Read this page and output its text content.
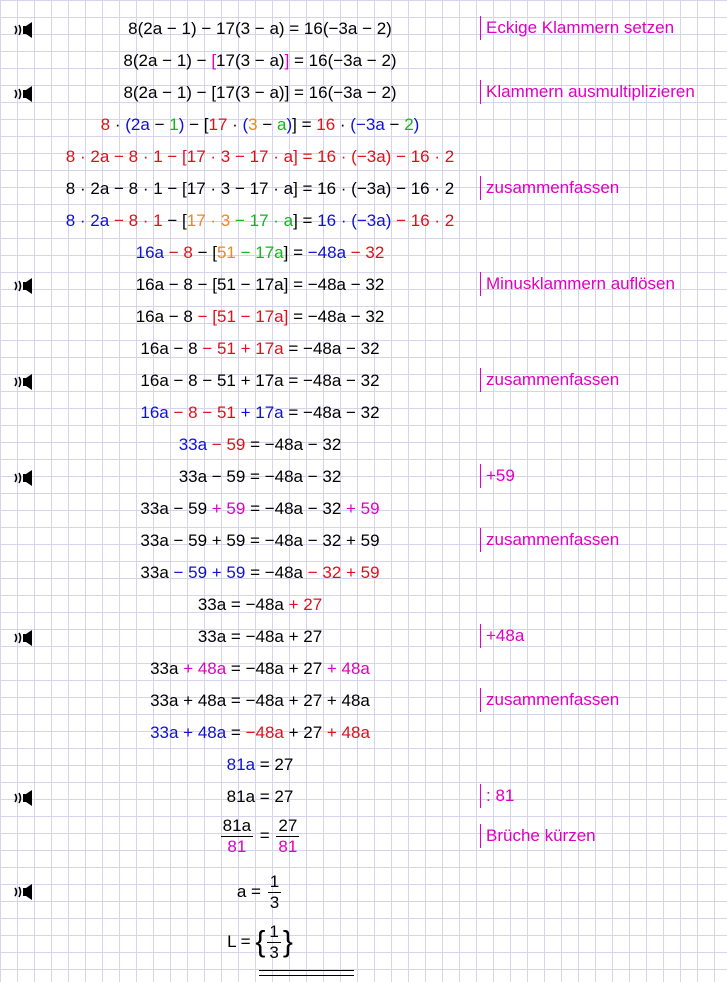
8(2a − 1) − 17(3 − a) = 16(−3a − 2)	Eckige Klammern setzen
8(2a − 1) − [17(3 − a)] = 16(−3a − 2)
8(2a − 1) − [17(3 − a)] = 16(−3a − 2)	Klammern ausmultiplizieren
8 · (2a − 1) − [17 · (3 − a)] = 16 · (−3a − 2)
8 · 2a − 8 · 1 − [17 · 3 − 17 · a] = 16 · (−3a) − 16 · 2
8 · 2a − 8 · 1 − [17 · 3 − 17 · a] = 16 · (−3a) − 16 · 2	zusammenfassen
8 · 2a − 8 · 1 − [17 · 3 − 17 · a] = 16 · (−3a) − 16 · 2
16a − 8 − [51 − 17a] = −48a − 32
16a − 8 − [51 − 17a] = −48a − 32	Minusklammern auflösen
16a − 8 − [51 − 17a] = −48a − 32
16a − 8 − 51 + 17a = −48a − 32
16a − 8 − 51 + 17a = −48a − 32	zusammenfassen
16a − 8 − 51 + 17a = −48a − 32
33a − 59 = −48a − 32
33a − 59 = −48a − 32	+59
33a − 59 + 59 = −48a − 32 + 59
33a − 59 + 59 = −48a − 32 + 59	zusammenfassen
33a − 59 + 59 = −48a − 32 + 59
33a = −48a + 27
33a = −48a + 27	+48a
33a + 48a = −48a + 27 + 48a
33a + 48a = −48a + 27 + 48a	zusammenfassen
33a + 48a = −48a + 27 + 48a
81a = 27
81a = 27	: 81
$\frac{81a}{81} = \frac{27}{81}$	Brüche kürzen
$a = \frac{1}{3}$
L = { $\frac{1}{3}$ }
